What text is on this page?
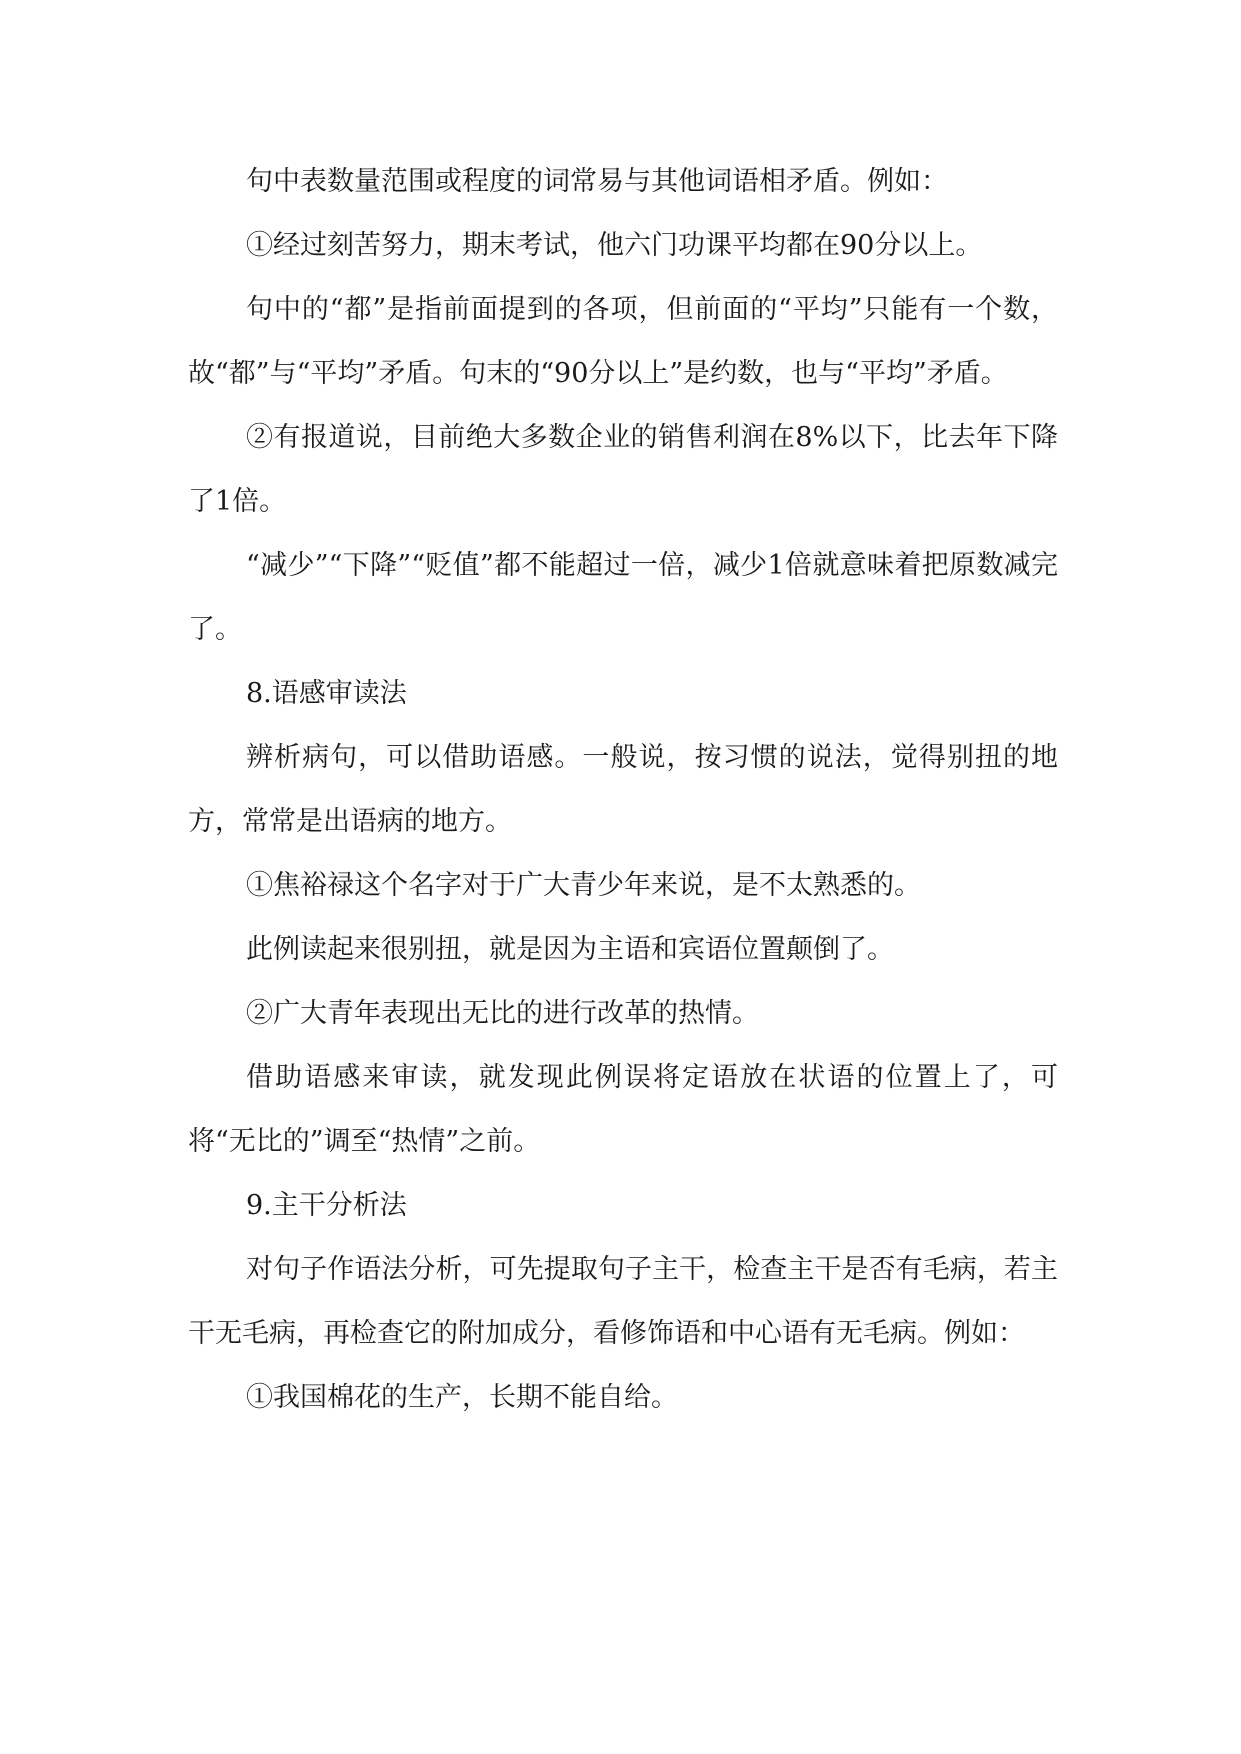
句中表数量范围或程度的词常易与其他词语相矛盾。例如：

①经过刻苦努力，期末考试，他六门功课平均都在90分以上。

句中的“都”是指前面提到的各项，但前面的“平均”只能有一个数，故“都”与“平均”矛盾。句末的“90分以上”是约数，也与“平均”矛盾。

②有报道说，目前绝大多数企业的销售利润在8%以下，比去年下降了1倍。

“减少”“下降”“贬值”都不能超过一倍，减少1倍就意味着把原数减完了。

8.语感审读法

辨析病句，可以借助语感。一般说，按习惯的说法，觉得别扭的地方，常常是出语病的地方。

①焦裕禄这个名字对于广大青少年来说，是不太熟悉的。

此例读起来很别扭，就是因为主语和宾语位置颠倒了。

②广大青年表现出无比的进行改革的热情。

借助语感来审读，就发现此例误将定语放在状语的位置上了，可将“无比的”调至“热情”之前。

9.主干分析法

对句子作语法分析，可先提取句子主干，检查主干是否有毛病，若主干无毛病，再检查它的附加成分，看修饰语和中心语有无毛病。例如：

①我国棉花的生产，长期不能自给。
